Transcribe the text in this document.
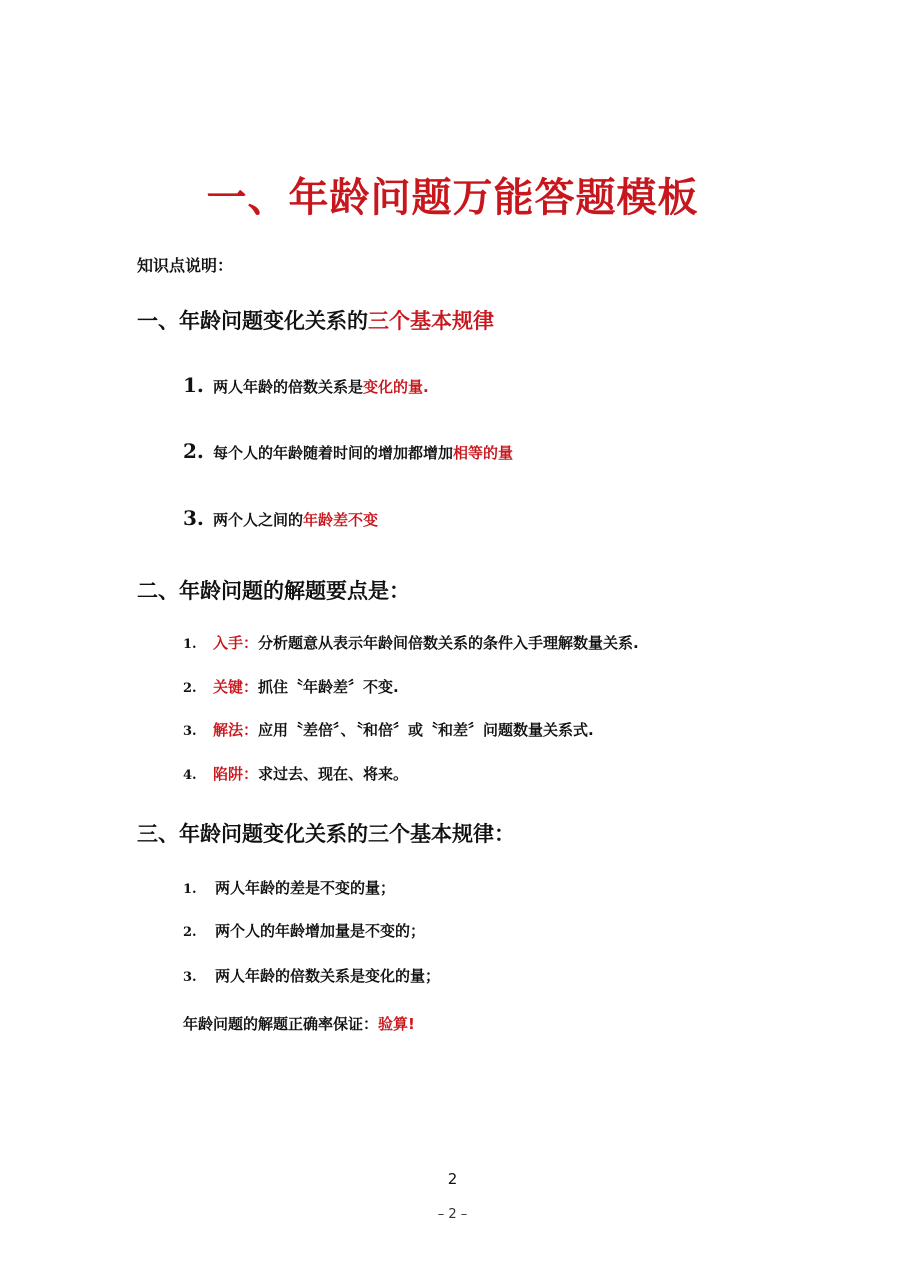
一、年龄问题万能答题模板
知识点说明：
一、年龄问题变化关系的三个基本规律
1. 两人年龄的倍数关系是变化的量.
2. 每个人的年龄随着时间的增加都增加相等的量
3. 两个人之间的年龄差不变
二、年龄问题的解题要点是：
1. 入手：分析题意从表示年龄间倍数关系的条件入手理解数量关系.
2. 关键：抓住〝年龄差〞不变.
3. 解法：应用〝差倍〞、〝和倍〞或〝和差〞问题数量关系式.
4. 陷阱：求过去、现在、将来。
三、年龄问题变化关系的三个基本规律：
1. 两人年龄的差是不变的量；
2. 两个人的年龄增加量是不变的；
3. 两人年龄的倍数关系是变化的量；
年龄问题的解题正确率保证：验算!
2
– 2 –
